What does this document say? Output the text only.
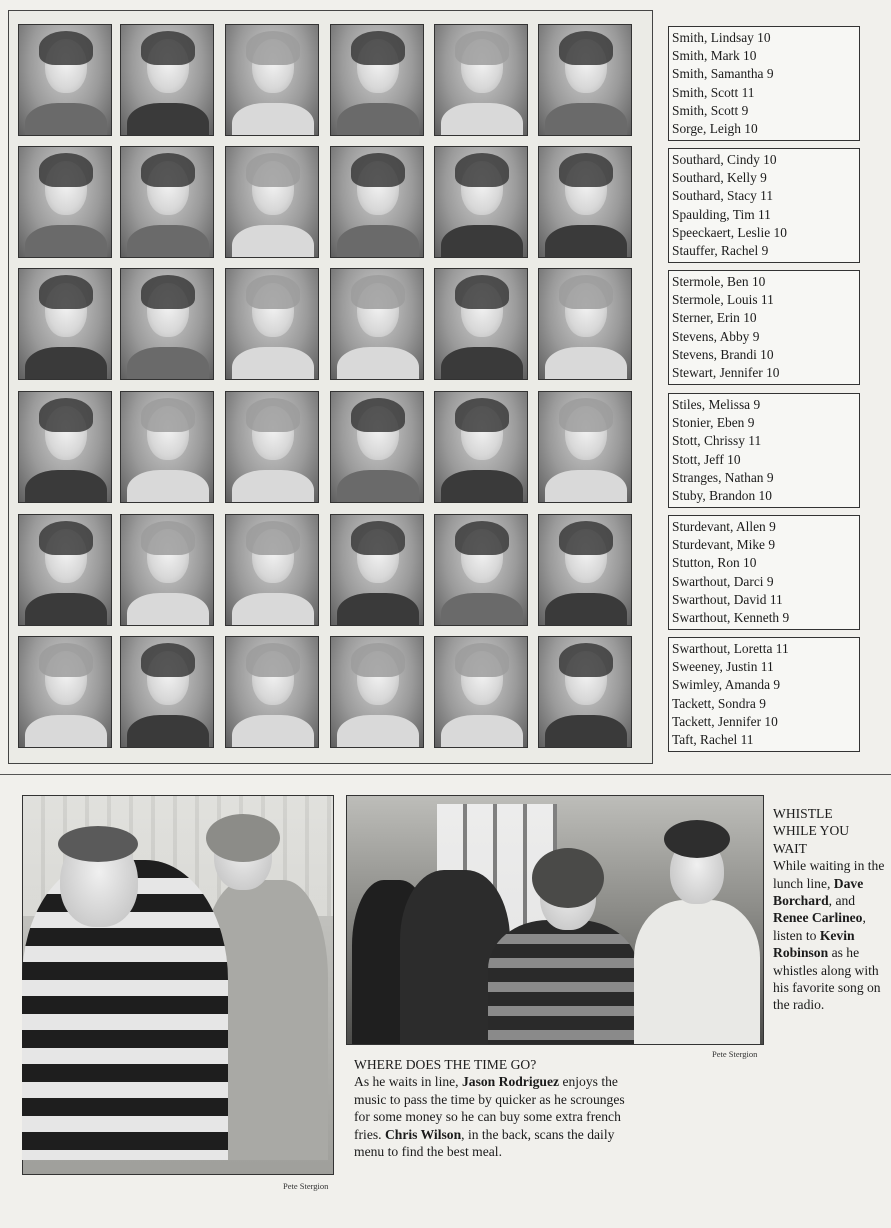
Smith, Lindsay 10
Smith, Mark 10
Smith, Samantha 9
Smith, Scott 11
Smith, Scott 9
Sorge, Leigh 10
Southard, Cindy 10
Southard, Kelly 9
Southard, Stacy 11
Spaulding, Tim 11
Speeckaert, Leslie 10
Stauffer, Rachel 9
Stermole, Ben 10
Stermole, Louis 11
Sterner, Erin 10
Stevens, Abby 9
Stevens, Brandi 10
Stewart, Jennifer 10
Stiles, Melissa 9
Stonier, Eben 9
Stott, Chrissy 11
Stott, Jeff 10
Stranges, Nathan 9
Stuby, Brandon 10
Sturdevant, Allen 9
Sturdevant, Mike 9
Stutton, Ron 10
Swarthout, Darci 9
Swarthout, David 11
Swarthout, Kenneth 9
Swarthout, Loretta 11
Sweeney, Justin 11
Swimley, Amanda 9
Tackett, Sondra 9
Tackett, Jennifer 10
Taft, Rachel 11
Pete Stergion
Pete Stergion
WHERE DOES THE TIME GO?
As he waits in line, Jason Rodriguez enjoys the music to pass the time by quicker as he scrounges for some money so he can buy some extra french fries. Chris Wilson, in the back, scans the daily menu to find the best meal.
WHISTLE
WHILE YOU
WAIT
While waiting in the lunch line, Dave Borchard, and Renee Carlineo, listen to Kevin Robinson as he whistles along with his favorite song on the radio.
